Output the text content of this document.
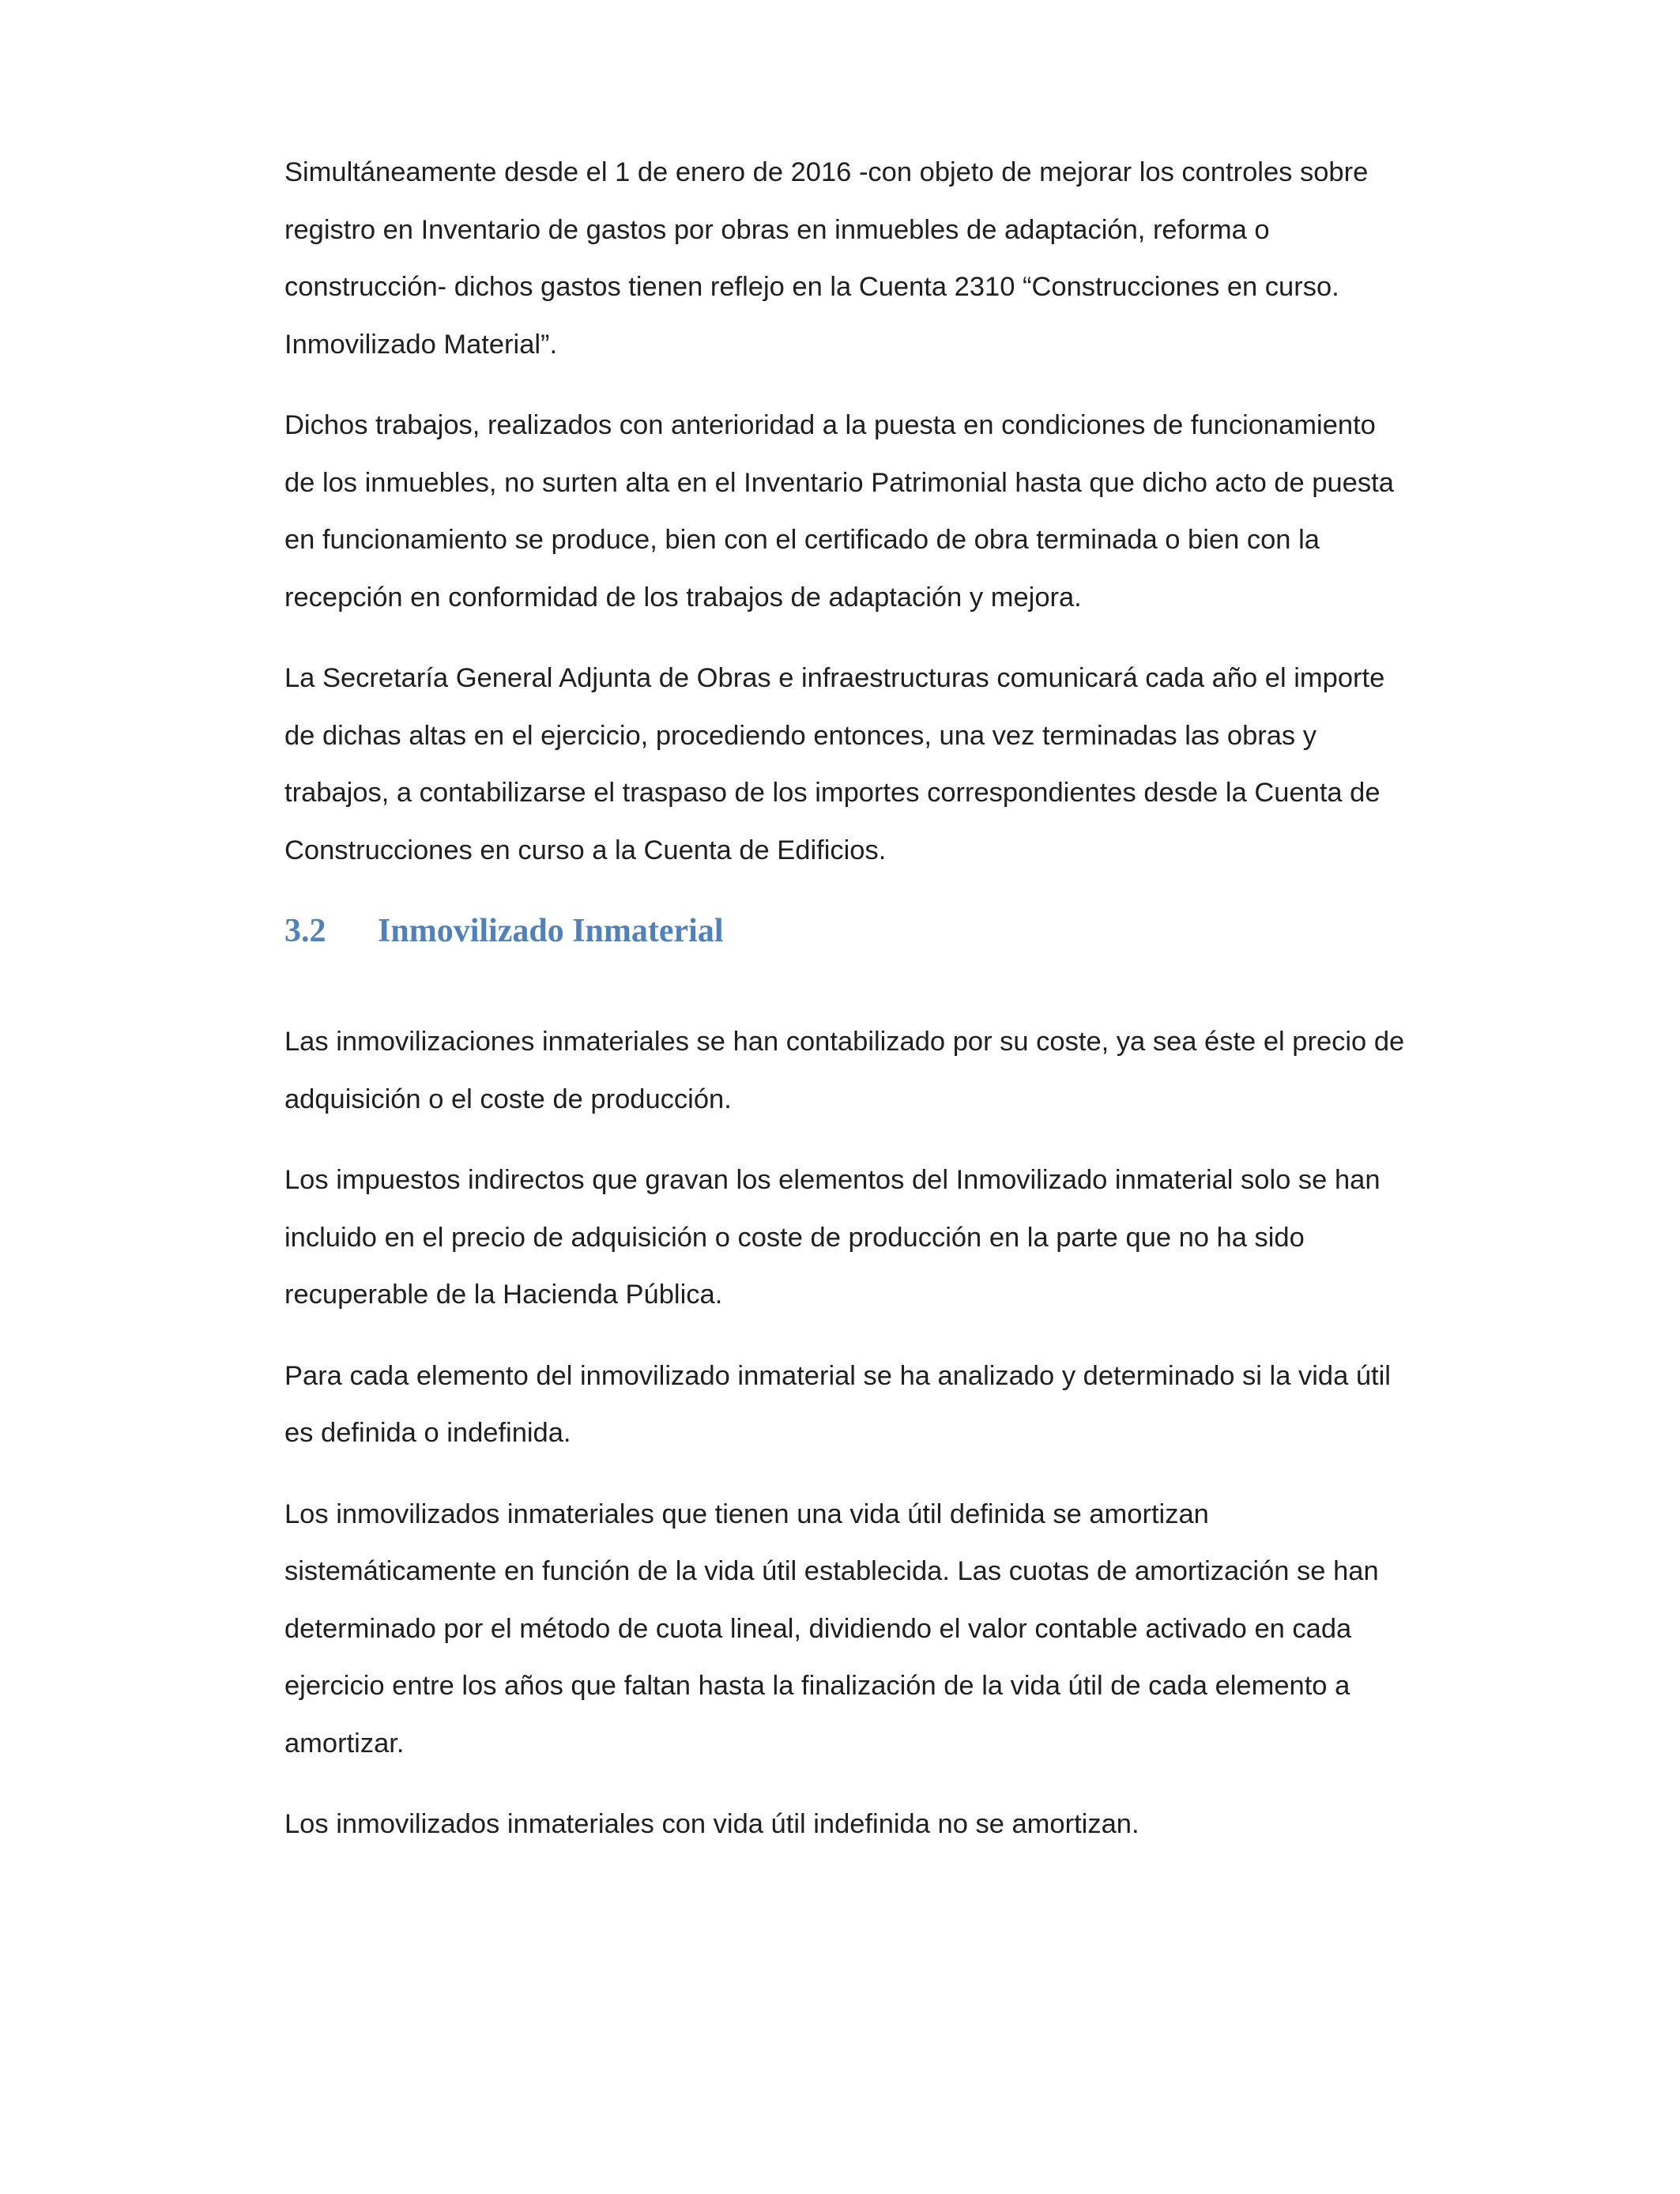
Simultáneamente desde el 1 de enero de 2016 -con objeto de mejorar los controles sobre registro en Inventario de gastos por obras en inmuebles de adaptación, reforma o construcción- dichos gastos tienen reflejo en la Cuenta 2310 “Construcciones en curso. Inmovilizado Material”.

Dichos trabajos, realizados con anterioridad a la puesta en condiciones de funcionamiento de los inmuebles, no surten alta en el Inventario Patrimonial hasta que dicho acto de puesta en funcionamiento se produce, bien con el certificado de obra terminada o bien con la recepción en conformidad de los trabajos de adaptación y mejora.

La Secretaría General Adjunta de Obras e infraestructuras comunicará cada año el importe de dichas altas en el ejercicio, procediendo entonces, una vez terminadas las obras y trabajos, a contabilizarse el traspaso de los importes correspondientes desde la Cuenta de Construcciones en curso a la Cuenta de Edificios.

3.2	Inmovilizado Inmaterial

Las inmovilizaciones inmateriales se han contabilizado por su coste, ya sea éste el precio de adquisición o el coste de producción.

Los impuestos indirectos que gravan los elementos del Inmovilizado inmaterial solo se han incluido en el precio de adquisición o coste de producción en la parte que no ha sido recuperable de la Hacienda Pública.

Para cada elemento del inmovilizado inmaterial se ha analizado y determinado si la vida útil es definida o indefinida.

Los inmovilizados inmateriales que tienen una vida útil definida se amortizan sistemáticamente en función de la vida útil establecida. Las cuotas de amortización se han determinado por el método de cuota lineal, dividiendo el valor contable activado en cada ejercicio entre los años que faltan hasta la finalización de la vida útil de cada elemento a amortizar.

Los inmovilizados inmateriales con vida útil indefinida no se amortizan.
